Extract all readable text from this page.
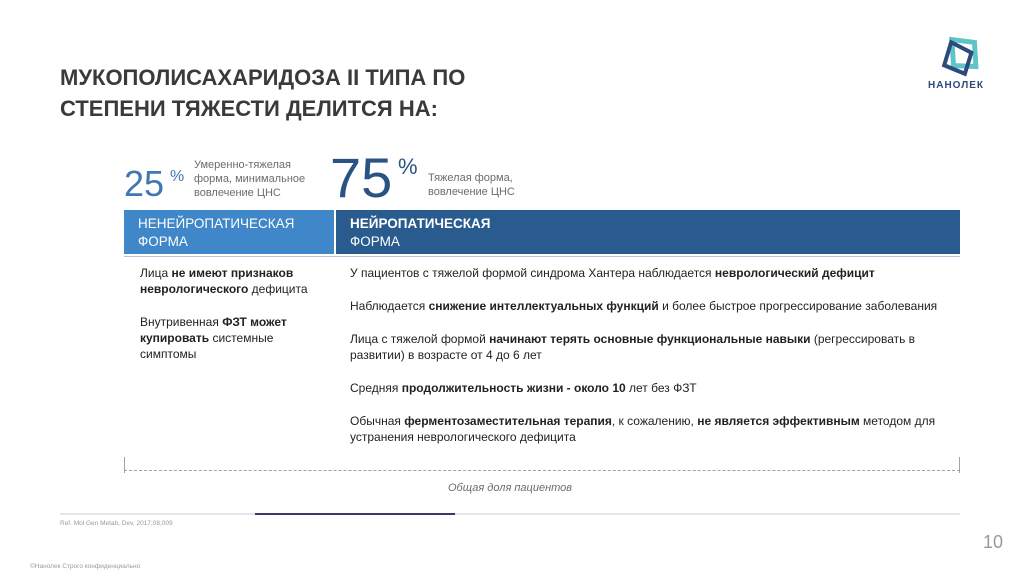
МУКОПОЛИСАХАРИДОЗА II ТИПА ПО
СТЕПЕНИ ТЯЖЕСТИ ДЕЛИТСЯ НА:
НАНОЛЕК
25 %
Умеренно-тяжелая
форма, минимальное
вовлечение ЦНС 75 % Тяжелая форма,
вовлечение ЦНС
НЕНЕЙРОПАТИЧЕСКАЯ
ФОРМА
НЕЙРОПАТИЧЕСКАЯ
ФОРМА
Лица не имеют признаков неврологического дефицита
Внутривенная ФЗТ может купировать системные симптомы
У пациентов с тяжелой формой синдрома Хантера наблюдается неврологический дефицит
Наблюдается снижение интеллектуальных функций и более быстрое прогрессирование заболевания
Лица с тяжелой формой начинают терять основные функциональные навыки (регрессировать в развитии) в возрасте от 4 до 6 лет
Средняя продолжительность жизни - около 10 лет без ФЗТ
Обычная ферментозаместительная терапия, к сожалению, не является эффективным методом для устранения неврологического дефицита
Общая доля пациентов
Ref. Mol Gen Metab, Dev, 2017;08;009
10
©Нанолек Строго конфиденциально
